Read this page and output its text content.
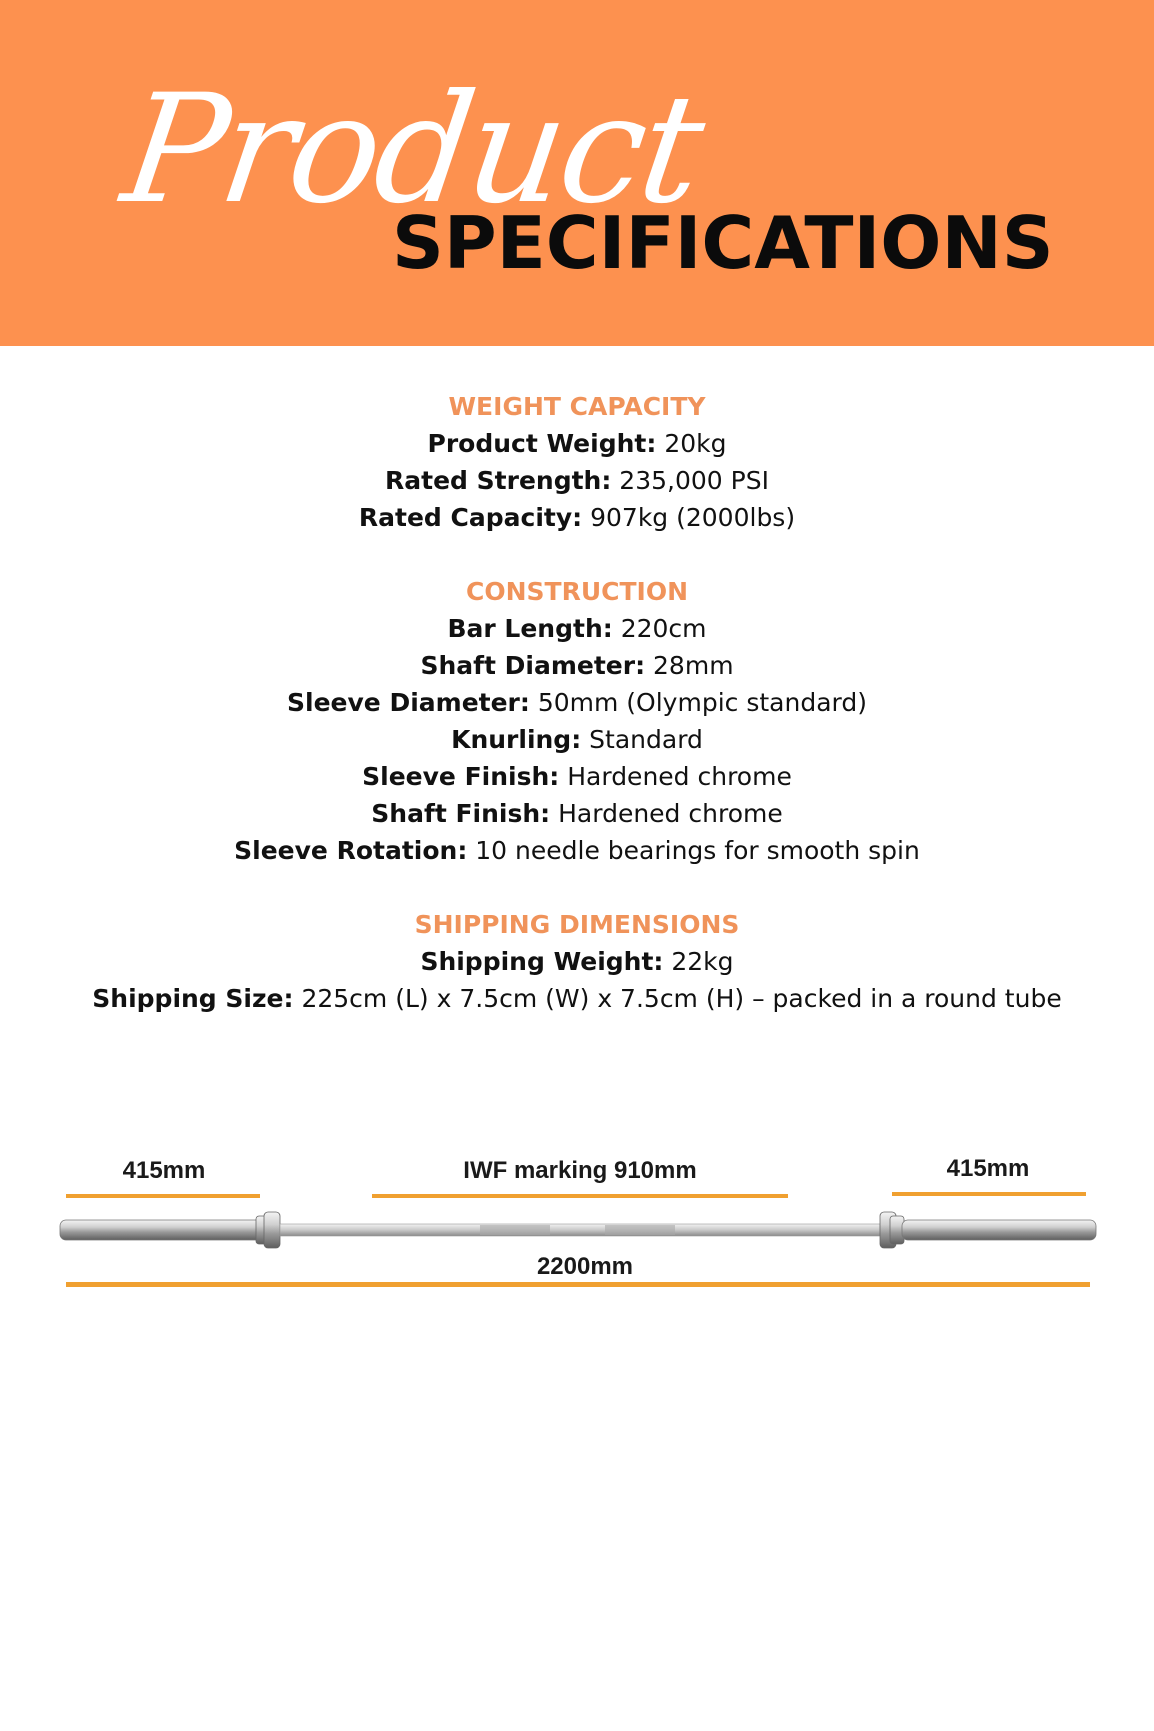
Product
SPECIFICATIONS

WEIGHT CAPACITY

Product Weight: 20kg

Rated Strength: 235,000 PSI

Rated Capacity: 907kg (2000lbs)

CONSTRUCTION

Bar Length: 220cm

Shaft Diameter: 28mm

Sleeve Diameter: 50mm (Olympic standard)

Knurling: Standard

Sleeve Finish: Hardened chrome

Shaft Finish: Hardened chrome

Sleeve Rotation: 10 needle bearings for smooth spin

SHIPPING DIMENSIONS

Shipping Weight: 22kg

Shipping Size: 225cm (L) x 7.5cm (W) x 7.5cm (H) – packed in a round tube

415mm	IWF marking 910mm	415mm
2200mm
